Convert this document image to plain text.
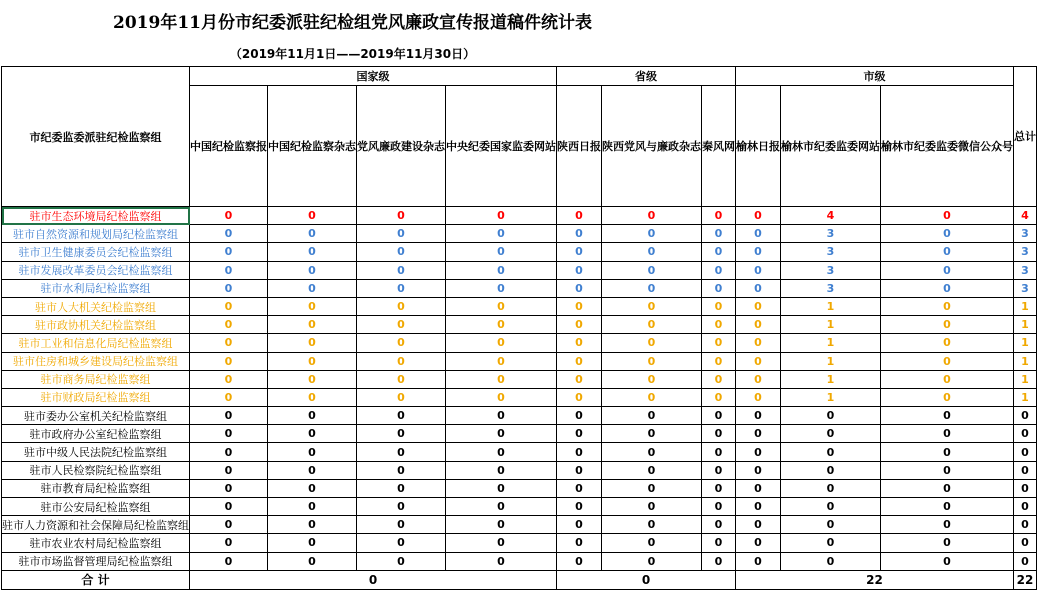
2019年11月份市纪委派驻纪检组党风廉政宣传报道稿件统计表
（2019年11月1日——2019年11月30日）
市纪委监委派驻纪检监察组	国家级				省级			市级			总计
	中国纪检监察报	中国纪检监察杂志	党风廉政建设杂志	中央纪委国家监委网站	陕西日报	陕西党风与廉政杂志	秦风网	榆林日报	榆林市纪委监委网站	榆林市纪委监委微信公众号	
驻市生态环境局纪检监察组	0	0	0	0	0	0	0	0	4	0	4
驻市自然资源和规划局纪检监察组	0	0	0	0	0	0	0	0	3	0	3
驻市卫生健康委员会纪检监察组	0	0	0	0	0	0	0	0	3	0	3
驻市发展改革委员会纪检监察组	0	0	0	0	0	0	0	0	3	0	3
驻市水利局纪检监察组	0	0	0	0	0	0	0	0	3	0	3
驻市人大机关纪检监察组	0	0	0	0	0	0	0	0	1	0	1
驻市政协机关纪检监察组	0	0	0	0	0	0	0	0	1	0	1
驻市工业和信息化局纪检监察组	0	0	0	0	0	0	0	0	1	0	1
驻市住房和城乡建设局纪检监察组	0	0	0	0	0	0	0	0	1	0	1
驻市商务局纪检监察组	0	0	0	0	0	0	0	0	1	0	1
驻市财政局纪检监察组	0	0	0	0	0	0	0	0	1	0	1
驻市委办公室机关纪检监察组	0	0	0	0	0	0	0	0	0	0	0
驻市政府办公室纪检监察组	0	0	0	0	0	0	0	0	0	0	0
驻市中级人民法院纪检监察组	0	0	0	0	0	0	0	0	0	0	0
驻市人民检察院纪检监察组	0	0	0	0	0	0	0	0	0	0	0
驻市教育局纪检监察组	0	0	0	0	0	0	0	0	0	0	0
驻市公安局纪检监察组	0	0	0	0	0	0	0	0	0	0	0
驻市人力资源和社会保障局纪检监察组	0	0	0	0	0	0	0	0	0	0	0
驻市农业农村局纪检监察组	0	0	0	0	0	0	0	0	0	0	0
驻市市场监督管理局纪检监察组	0	0	0	0	0	0	0	0	0	0	0
合 计	0				0			22			22
